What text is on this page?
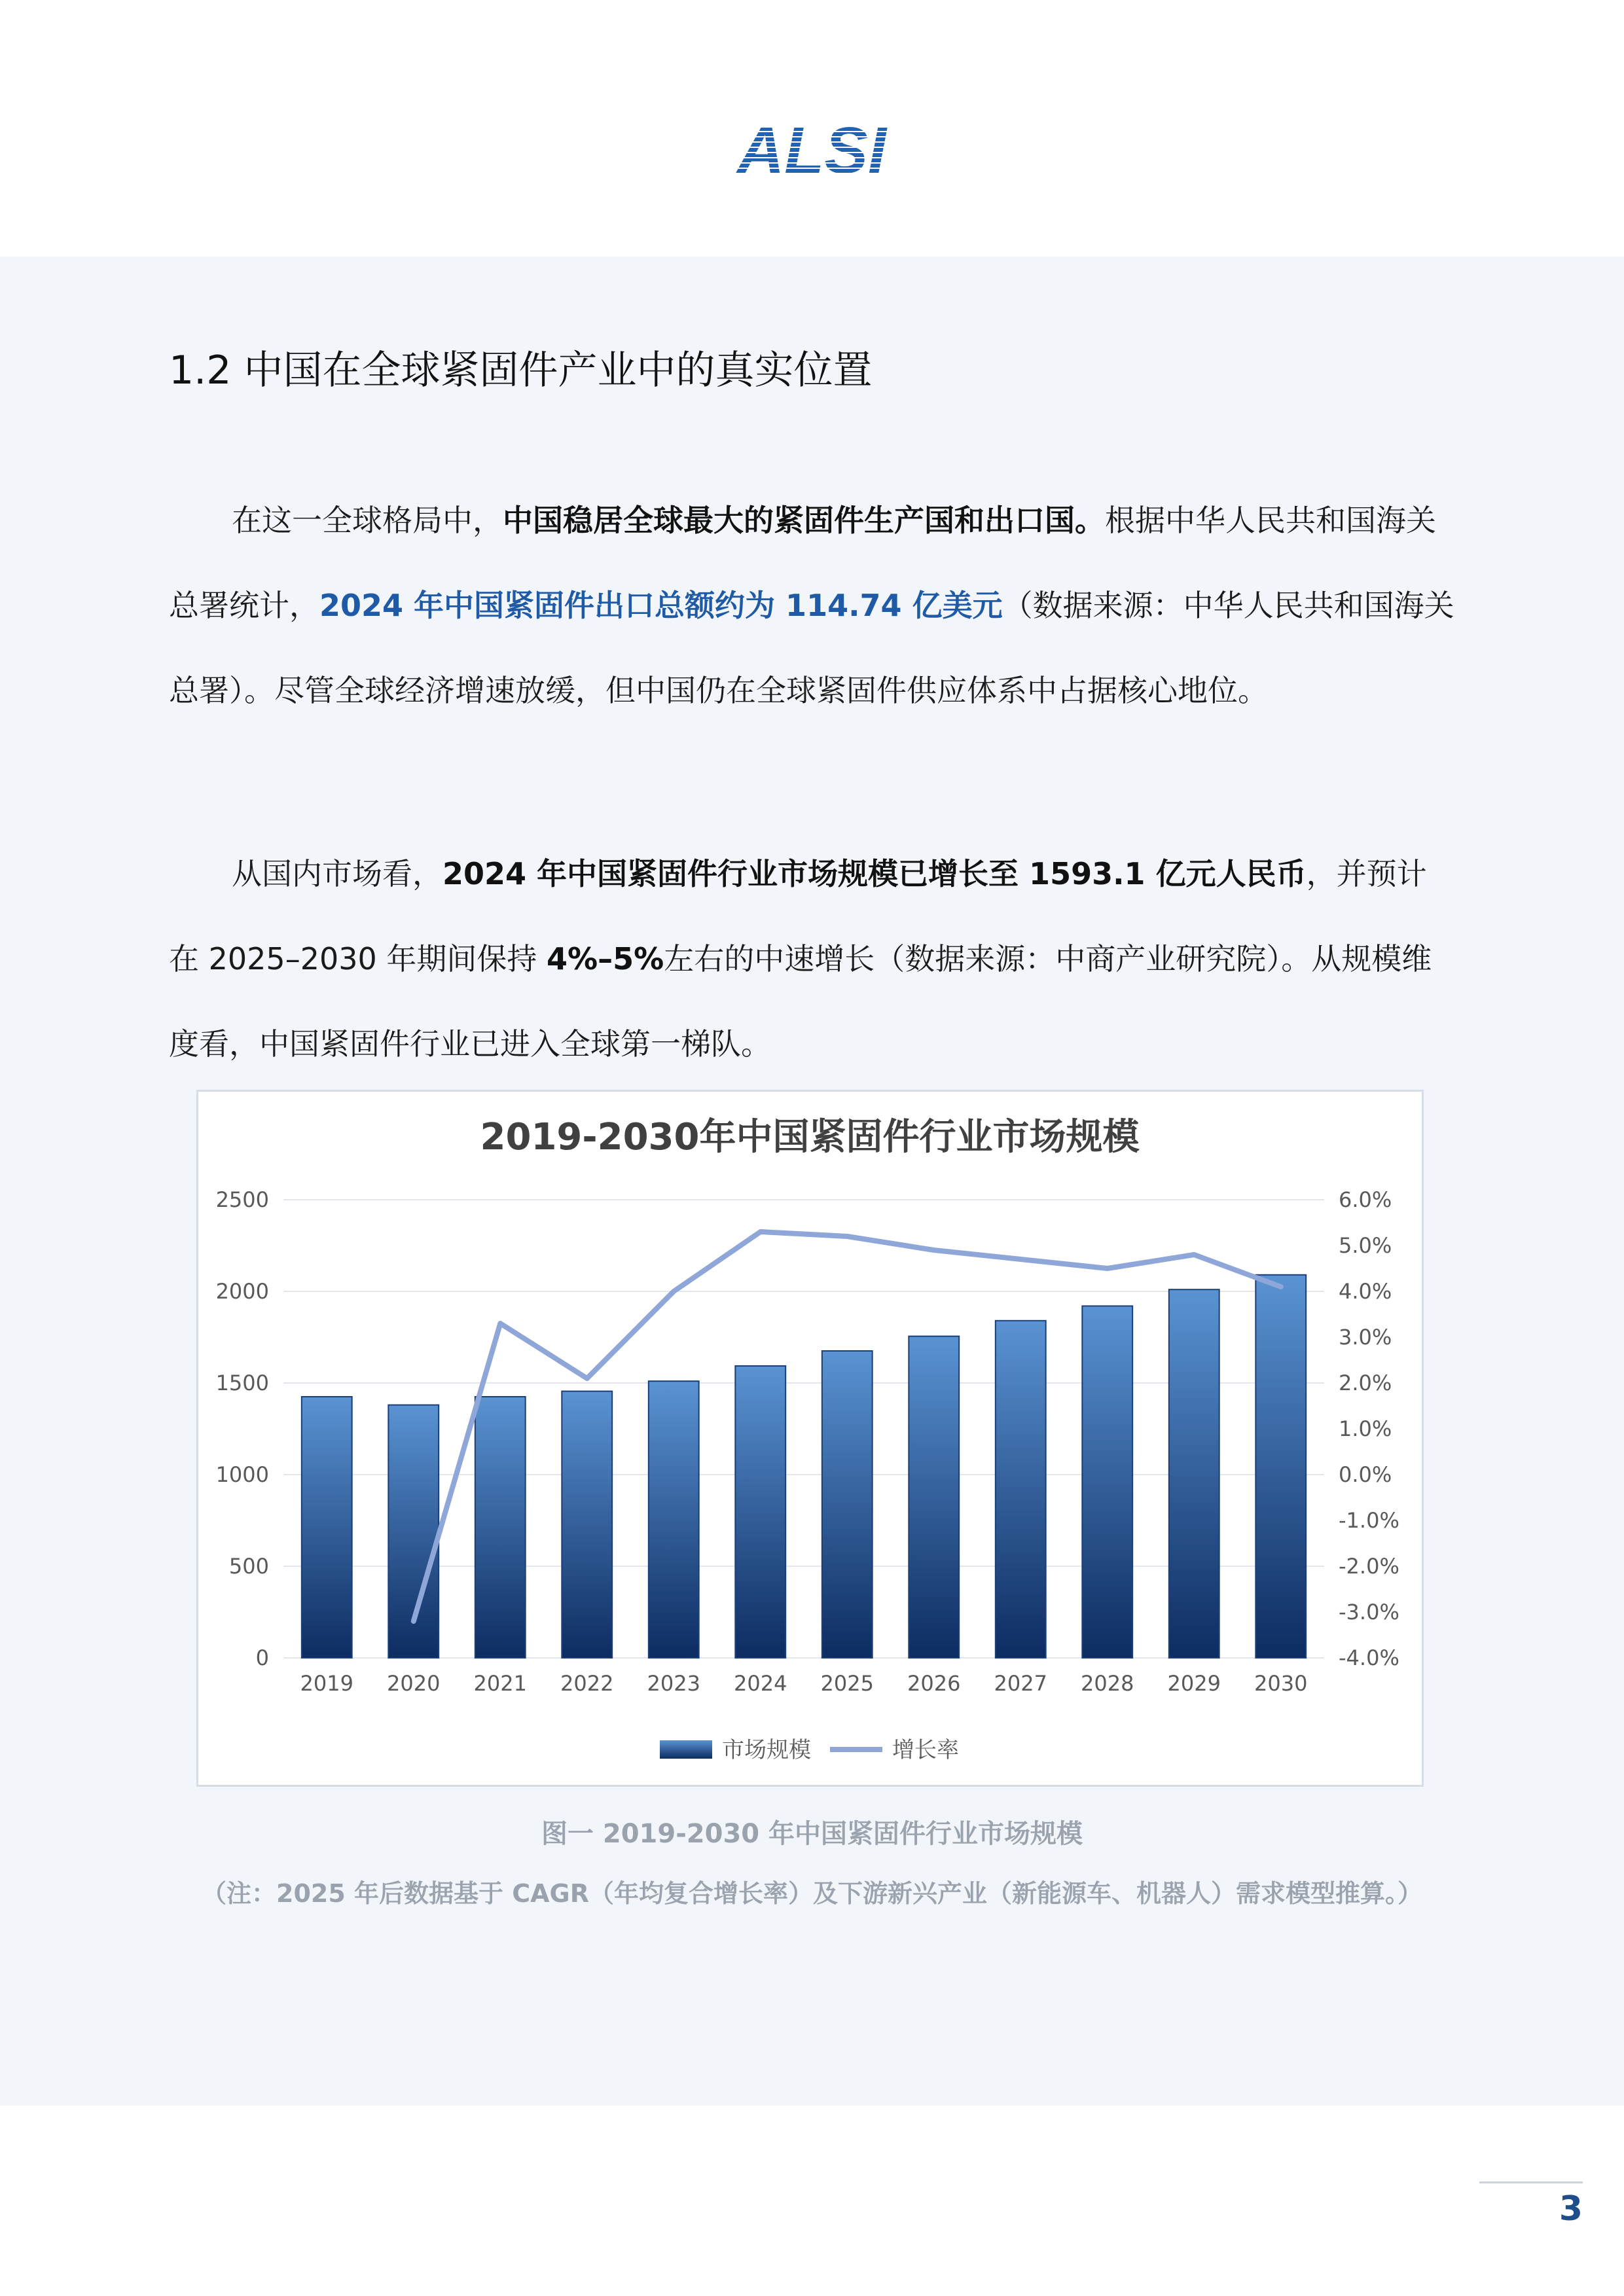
ALSI
1.2 中国在全球紧固件产业中的真实位置

在这一全球格局中，中国稳居全球最大的紧固件生产国和出口国。根据中华人民共和国海关总署统计，2024 年中国紧固件出口总额约为 114.74 亿美元（数据来源：中华人民共和国海关总署）。尽管全球经济增速放缓，但中国仍在全球紧固件供应体系中占据核心地位。

从国内市场看，2024 年中国紧固件行业市场规模已增长至 1593.1 亿元人民币，并预计在 2025–2030 年期间保持 4%–5%左右的中速增长（数据来源：中商产业研究院）。从规模维度看，中国紧固件行业已进入全球第一梯队。

2019-2030年中国紧固件行业市场规模
0
500
1000
1500
2000
2500
-4.0%
-3.0%
-2.0%
-1.0%
0.0%
1.0%
2.0%
3.0%
4.0%
5.0%
6.0%
2019 2020 2021 2022 2023 2024 2025 2026 2027 2028 2029 2030
市场规模	增长率

图一 2019-2030 年中国紧固件行业市场规模

（注：2025 年后数据基于 CAGR（年均复合增长率）及下游新兴产业（新能源车、机器人）需求模型推算。）

3
